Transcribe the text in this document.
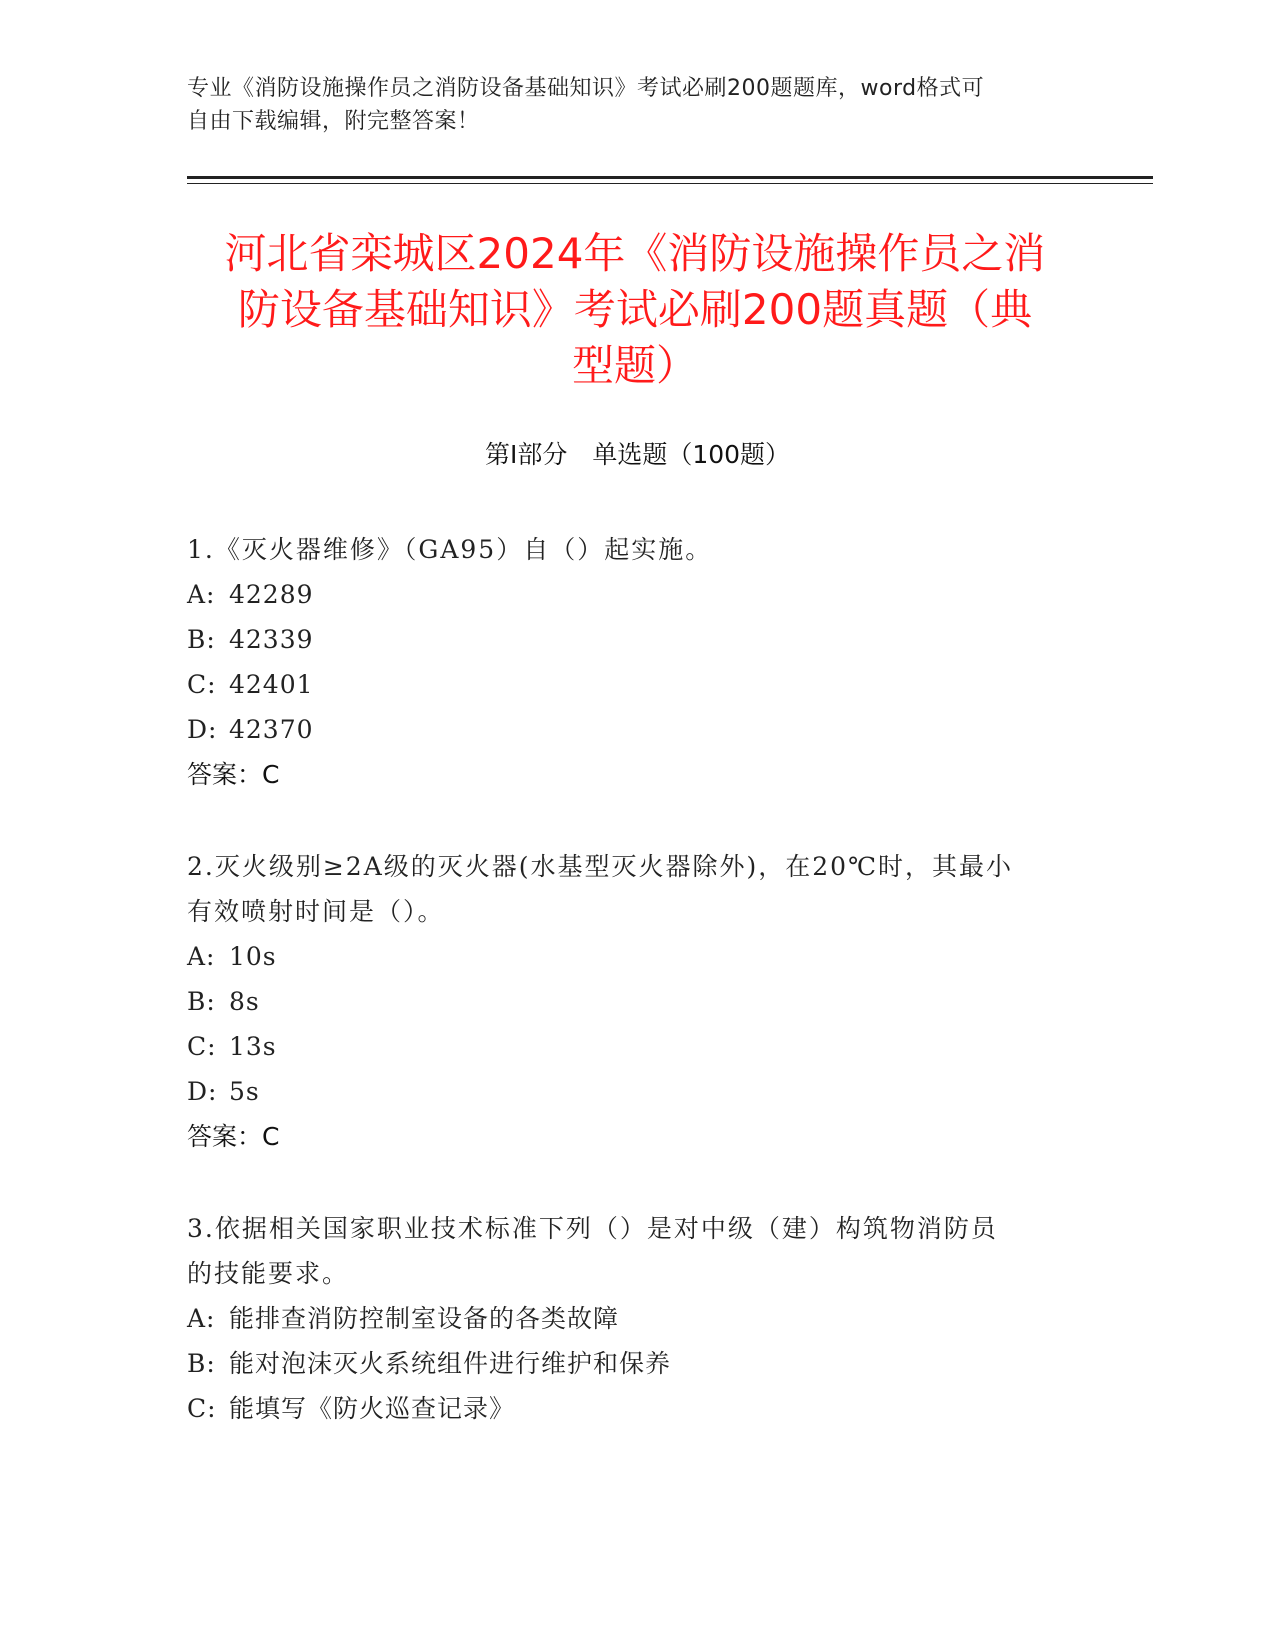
专业《消防设施操作员之消防设备基础知识》考试必刷200题题库，word格式可
自由下载编辑，附完整答案！
河北省栾城区2024年《消防设施操作员之消
防设备基础知识》考试必刷200题真题（典
型题）
第Ⅰ部分　单选题（100题）
1.《灭火器维修》（GA95）自（）起实施。
A: 42289
B: 42339
C: 42401
D: 42370
答案：C
2.灭火级别≥2A级的灭火器(水基型灭火器除外)，在20℃时，其最小
有效喷射时间是（）。
A: 10s
B: 8s
C: 13s
D: 5s
答案：C
3.依据相关国家职业技术标准下列（）是对中级（建）构筑物消防员
的技能要求。
A: 能排查消防控制室设备的各类故障
B: 能对泡沫灭火系统组件进行维护和保养
C: 能填写《防火巡查记录》
